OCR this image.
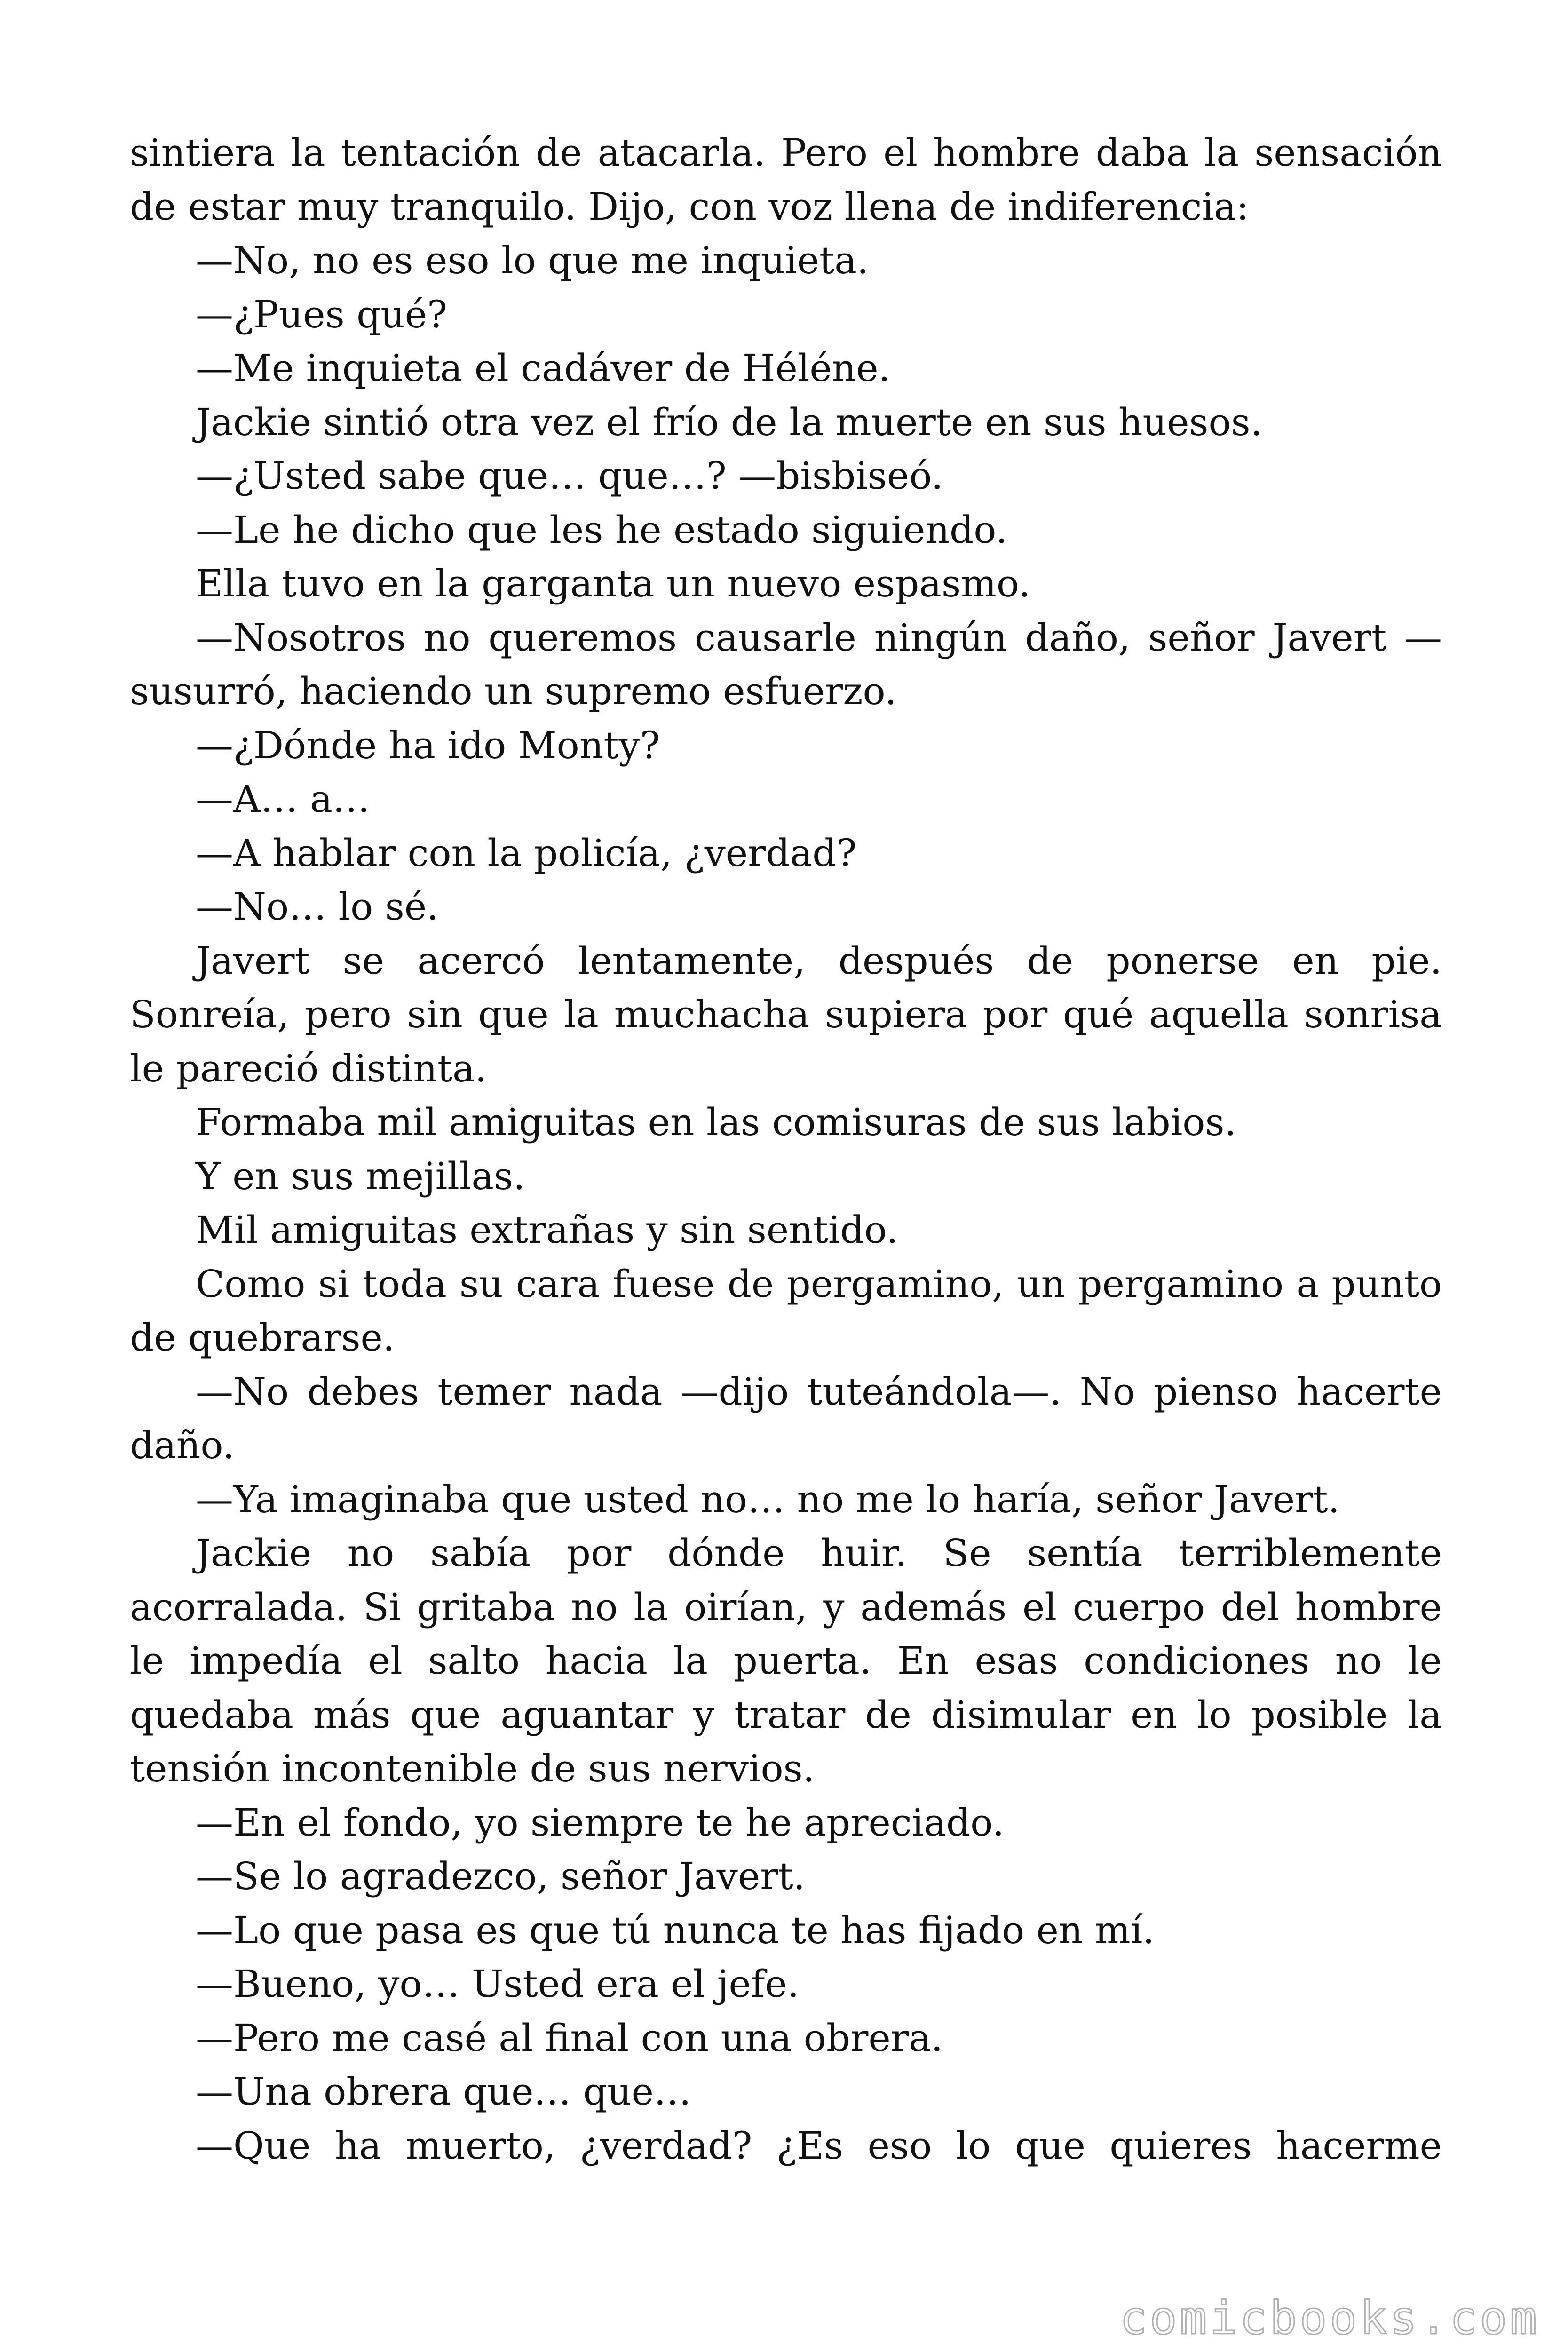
sintiera la tentación de atacarla. Pero el hombre daba la sensación de estar muy tranquilo. Dijo, con voz llena de indiferencia:

—No, no es eso lo que me inquieta.

—¿Pues qué?

—Me inquieta el cadáver de Héléne.

Jackie sintió otra vez el frío de la muerte en sus huesos.

—¿Usted sabe que… que…? —bisbiseó.

—Le he dicho que les he estado siguiendo.

Ella tuvo en la garganta un nuevo espasmo.

—Nosotros no queremos causarle ningún daño, señor Javert —susurró, haciendo un supremo esfuerzo.

—¿Dónde ha ido Monty?

—A… a…

—A hablar con la policía, ¿verdad?

—No… lo sé.

Javert se acercó lentamente, después de ponerse en pie. Sonreía, pero sin que la muchacha supiera por qué aquella sonrisa le pareció distinta.

Formaba mil amiguitas en las comisuras de sus labios.

Y en sus mejillas.

Mil amiguitas extrañas y sin sentido.

Como si toda su cara fuese de pergamino, un pergamino a punto de quebrarse.

—No debes temer nada —dijo tuteándola—. No pienso hacerte daño.

—Ya imaginaba que usted no… no me lo haría, señor Javert.

Jackie no sabía por dónde huir. Se sentía terriblemente acorralada. Si gritaba no la oirían, y además el cuerpo del hombre le impedía el salto hacia la puerta. En esas condiciones no le quedaba más que aguantar y tratar de disimular en lo posible la tensión incontenible de sus nervios.

—En el fondo, yo siempre te he apreciado.

—Se lo agradezco, señor Javert.

—Lo que pasa es que tú nunca te has fijado en mí.

—Bueno, yo… Usted era el jefe.

—Pero me casé al final con una obrera.

—Una obrera que… que…

—Que ha muerto, ¿verdad? ¿Es eso lo que quieres hacerme

comicbooks.com
